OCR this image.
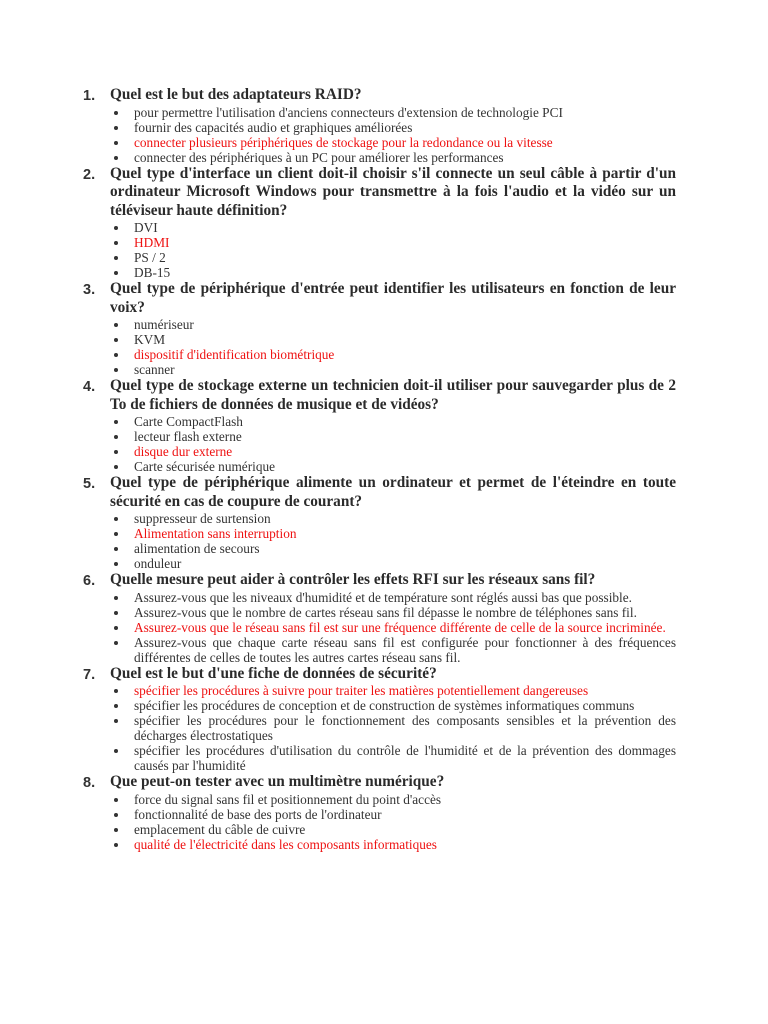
1. Quel est le but des adaptateurs RAID?

pour permettre l'utilisation d'anciens connecteurs d'extension de technologie PCI
fournir des capacités audio et graphiques améliorées
connecter plusieurs périphériques de stockage pour la redondance ou la vitesse
connecter des périphériques à un PC pour améliorer les performances
2. Quel type d'interface un client doit-il choisir s'il connecte un seul câble à partir d'un ordinateur Microsoft Windows pour transmettre à la fois l'audio et la vidéo sur un téléviseur haute définition?

DVI
HDMI
PS / 2
DB-15
3. Quel type de périphérique d'entrée peut identifier les utilisateurs en fonction de leur voix?

numériseur
KVM
dispositif d'identification biométrique
scanner
4. Quel type de stockage externe un technicien doit-il utiliser pour sauvegarder plus de 2 To de fichiers de données de musique et de vidéos?

Carte CompactFlash
lecteur flash externe
disque dur externe
Carte sécurisée numérique
5. Quel type de périphérique alimente un ordinateur et permet de l'éteindre en toute sécurité en cas de coupure de courant?

suppresseur de surtension
Alimentation sans interruption
alimentation de secours
onduleur
6. Quelle mesure peut aider à contrôler les effets RFI sur les réseaux sans fil?

Assurez-vous que les niveaux d'humidité et de température sont réglés aussi bas que possible.
Assurez-vous que le nombre de cartes réseau sans fil dépasse le nombre de téléphones sans fil.
Assurez-vous que le réseau sans fil est sur une fréquence différente de celle de la source incriminée.
Assurez-vous que chaque carte réseau sans fil est configurée pour fonctionner à des fréquences différentes de celles de toutes les autres cartes réseau sans fil.
7. Quel est le but d'une fiche de données de sécurité?

spécifier les procédures à suivre pour traiter les matières potentiellement dangereuses
spécifier les procédures de conception et de construction de systèmes informatiques communs
spécifier les procédures pour le fonctionnement des composants sensibles et la prévention des décharges électrostatiques
spécifier les procédures d'utilisation du contrôle de l'humidité et de la prévention des dommages causés par l'humidité
8. Que peut-on tester avec un multimètre numérique?

force du signal sans fil et positionnement du point d'accès
fonctionnalité de base des ports de l'ordinateur
emplacement du câble de cuivre
qualité de l'électricité dans les composants informatiques
